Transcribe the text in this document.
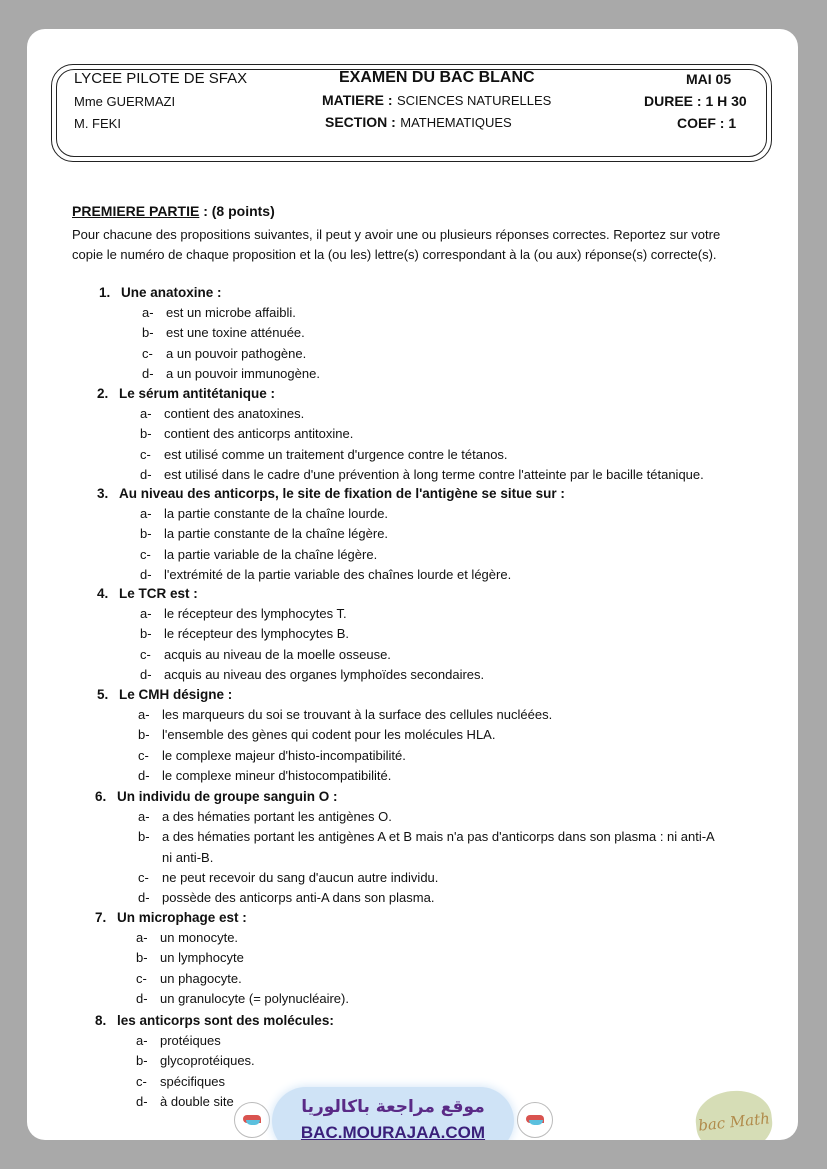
LYCEE PILOTE DE SFAX
Mme GUERMAZI
M. FEKI
EXAMEN DU BAC BLANC
MATIERE : SCIENCES NATURELLES
SECTION : MATHEMATIQUES
MAI 05
DUREE : 1 H 30
COEF : 1
PREMIERE PARTIE : (8 points)
Pour chacune des propositions suivantes, il peut y avoir une ou plusieurs réponses correctes. Reportez sur votre copie le numéro de chaque proposition et la (ou les) lettre(s) correspondant à la (ou aux) réponse(s) correcte(s).
1. Une anatoxine :
a- est un microbe affaibli.
b- est une toxine atténuée.
c- a un pouvoir pathogène.
d- a un pouvoir immunogène.
2. Le sérum antitétanique :
a- contient des anatoxines.
b- contient des anticorps antitoxine.
c- est utilisé comme un traitement d'urgence contre le tétanos.
d- est utilisé dans le cadre d'une prévention à long terme contre l'atteinte par le bacille tétanique.
3. Au niveau des anticorps, le site de fixation de l'antigène se situe sur :
a- la partie constante de la chaîne lourde.
b- la partie constante de la chaîne légère.
c- la partie variable de la chaîne légère.
d- l'extrémité de la partie variable des chaînes lourde et légère.
4. Le TCR est :
a- le récepteur des lymphocytes T.
b- le récepteur des lymphocytes B.
c- acquis au niveau de la moelle osseuse.
d- acquis au niveau des organes lymphoïdes secondaires.
5. Le CMH désigne :
a- les marqueurs du soi se trouvant à la surface des cellules nucléées.
b- l'ensemble des gènes qui codent pour les molécules HLA.
c- le complexe majeur d'histo-incompatibilité.
d- le complexe mineur d'histocompatibilité.
6. Un individu de groupe sanguin O :
a- a des hématies portant les antigènes O.
b- a des hématies portant les antigènes A et B mais n'a pas d'anticorps dans son plasma : ni anti-A
ni anti-B.
c- ne peut recevoir du sang d'aucun autre individu.
d- possède des anticorps anti-A dans son plasma.
7. Un microphage est :
a- un monocyte.
b- un lymphocyte
c- un phagocyte.
d- un granulocyte (= polynucléaire).
8. les anticorps sont des molécules:
a- protéiques
b- glycoprotéiques.
c- spécifiques
d- à double site	موقع مراجعة باكالوريا
BAC.MOURAJAA.COM	bac Math
